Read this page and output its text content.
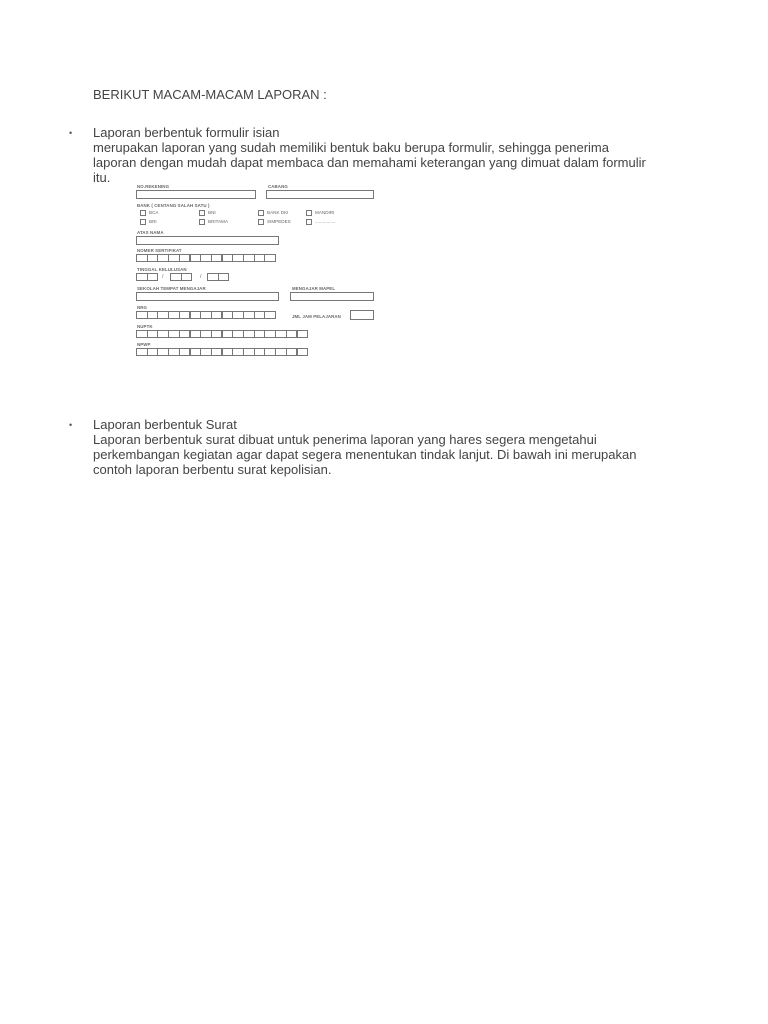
BERIKUT MACAM-MACAM LAPORAN :
• Laporan berbentuk formulir isian
merupakan laporan yang sudah memiliki bentuk baku berupa formulir, sehingga penerima
laporan dengan mudah dapat membaca dan memahami keterangan yang dimuat dalam formulir
itu.
NO.REKENING	CABANG
BANK ( CENTANG SALAH SATU )
BCA	BNI	BANK DKI	MANDIRI
BRI	BRITAMA	SIMPEDES	................
ATAS NAMA
NOMER SERTIFIKAT
TINGGAL KELULUSAN
/	/
SEKOLAH TEMPAT MENGAJAR	MENGAJAR MAPEL
NRG
JML JAM PELAJARAN
NUPTK
NPWP
• Laporan berbentuk Surat
Laporan berbentuk surat dibuat untuk penerima laporan yang hares segera mengetahui
perkembangan kegiatan agar dapat segera menentukan tindak lanjut. Di bawah ini merupakan
contoh laporan berbentu surat kepolisian.
